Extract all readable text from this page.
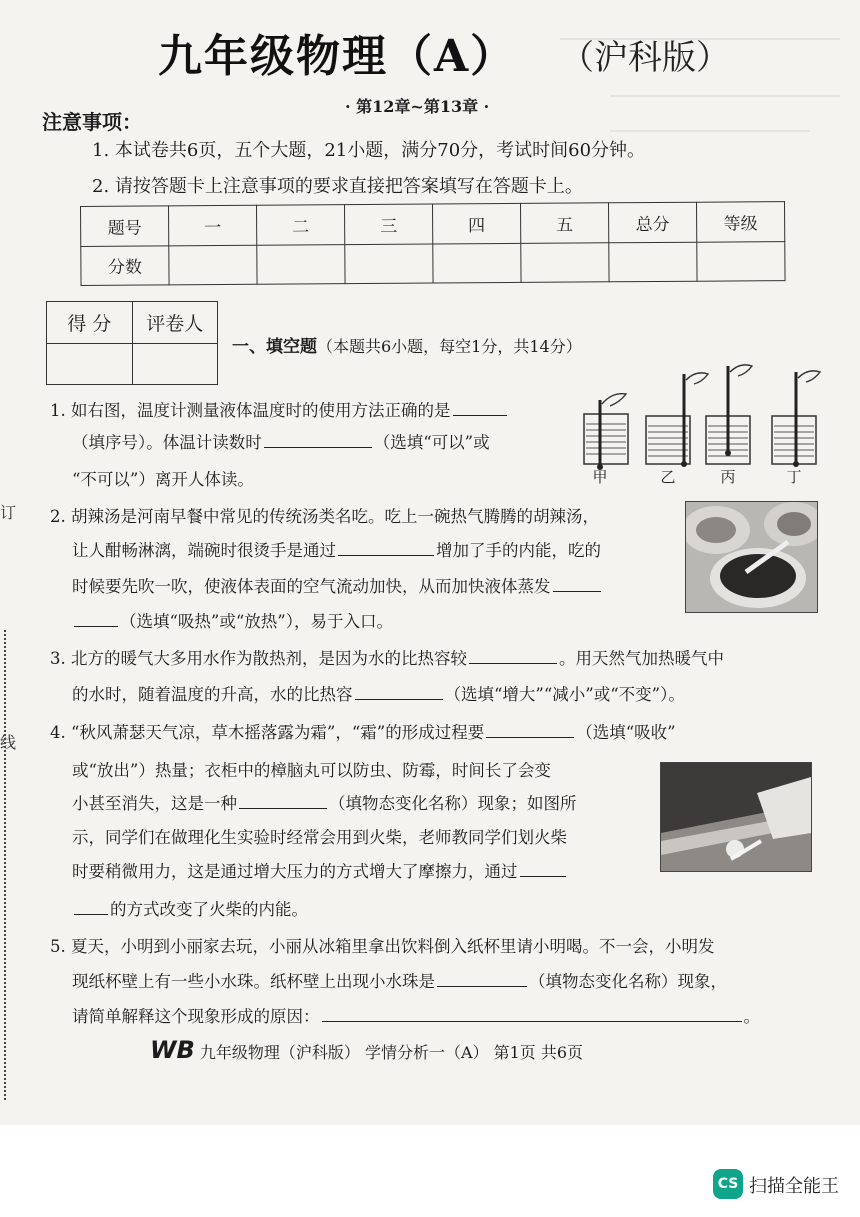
九年级物理（A） （沪科版）
· 第12章~第13章 ·
注意事项：
1. 本试卷共6页，五个大题，21小题，满分70分，考试时间60分钟。
2. 请按答题卡上注意事项的要求直接把答案填写在答题卡上。
题号	一	二	三	四	五	总分	等级
分数							
得 分	评卷人

一、填空题（本题共6小题，每空1分，共14分）
1. 如右图，温度计测量液体温度时的使用方法正确的是
（填序号）。体温计读数时	（选填“可以”或
“不可以”）离开人体读。	甲	乙	丙	丁
2. 胡辣汤是河南早餐中常见的传统汤类名吃。吃上一碗热气腾腾的胡辣汤，
让人酣畅淋漓，端碗时很烫手是通过	增加了手的内能，吃的
时候要先吹一吹，使液体表面的空气流动加快，从而加快液体蒸发
（选填“吸热”或“放热”），易于入口。
3. 北方的暖气大多用水作为散热剂，是因为水的比热容较	。用天然气加热暖气中
的水时，随着温度的升高，水的比热容	（选填“增大”“减小”或“不变”）。
4. “秋风萧瑟天气凉，草木摇落露为霜”，“霜”的形成过程要	（选填“吸收”
或“放出”）热量；衣柜中的樟脑丸可以防虫、防霉，时间长了会变
小甚至消失，这是一种	（填物态变化名称）现象；如图所
示，同学们在做理化生实验时经常会用到火柴，老师教同学们划火柴
时要稍微用力，这是通过增大压力的方式增大了摩擦力，通过
的方式改变了火柴的内能。
5. 夏天，小明到小丽家去玩，小丽从冰箱里拿出饮料倒入纸杯里请小明喝。不一会，小明发
现纸杯壁上有一些小水珠。纸杯壁上出现小水珠是	（填物态变化名称）现象，
请简单解释这个现象形成的原因：	。
WB 九年级物理（沪科版） 学情分析一（A） 第1页 共6页
订
线
CS 扫描全能王
